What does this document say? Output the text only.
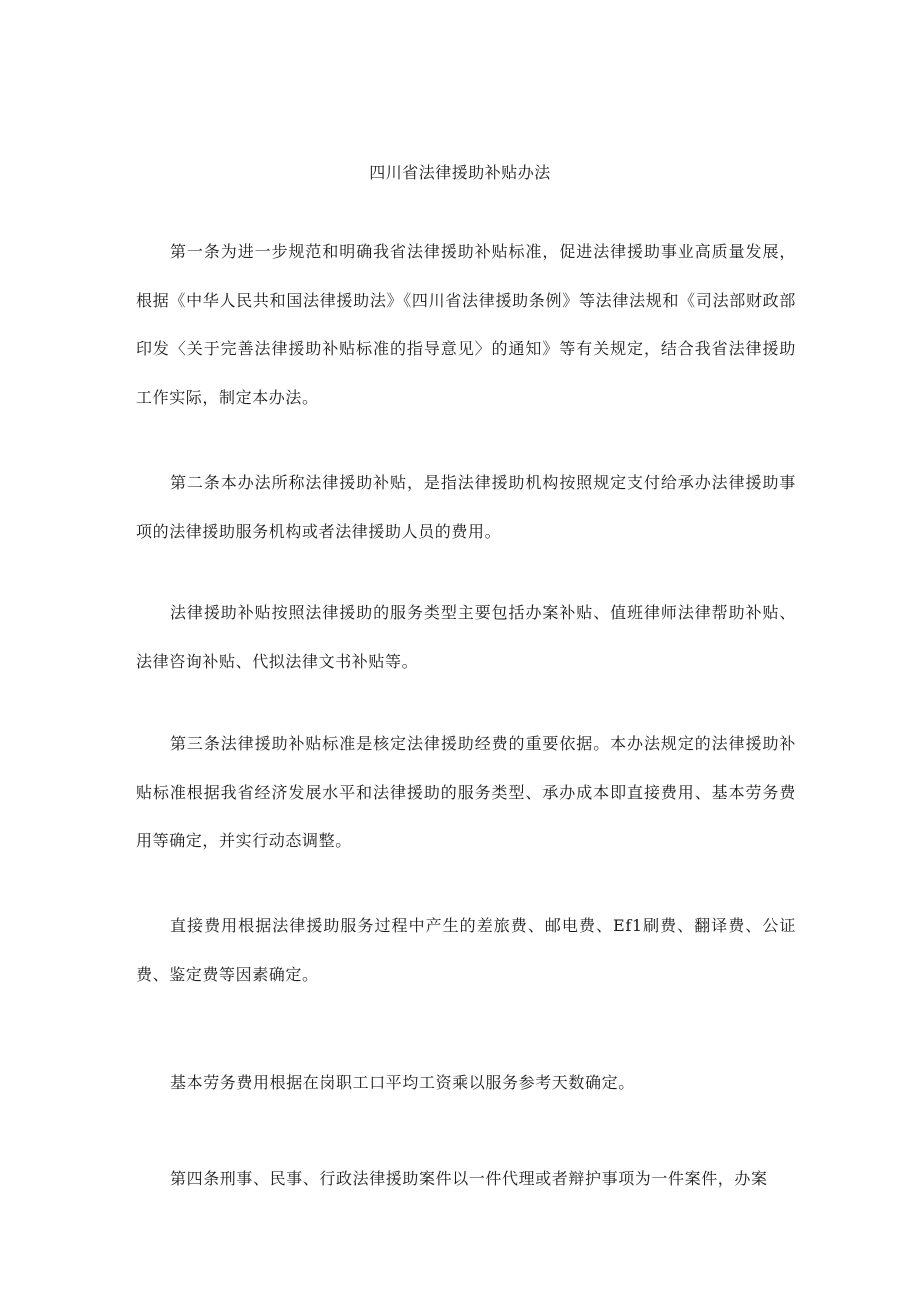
四川省法律援助补贴办法

第一条为进一步规范和明确我省法律援助补贴标准，促进法律援助事业高质量发展，根据《中华人民共和国法律援助法》《四川省法律援助条例》等法律法规和《司法部财政部印发〈关于完善法律援助补贴标准的指导意见〉的通知》等有关规定，结合我省法律援助工作实际，制定本办法。

第二条本办法所称法律援助补贴，是指法律援助机构按照规定支付给承办法律援助事项的法律援助服务机构或者法律援助人员的费用。

法律援助补贴按照法律援助的服务类型主要包括办案补贴、值班律师法律帮助补贴、法律咨询补贴、代拟法律文书补贴等。

第三条法律援助补贴标准是核定法律援助经费的重要依据。本办法规定的法律援助补贴标准根据我省经济发展水平和法律援助的服务类型、承办成本即直接费用、基本劳务费用等确定，并实行动态调整。

直接费用根据法律援助服务过程中产生的差旅费、邮电费、Ef1刷费、翻译费、公证费、鉴定费等因素确定。

基本劳务费用根据在岗职工口平均工资乘以服务参考天数确定。

第四条刑事、民事、行政法律援助案件以一件代理或者辩护事项为一件案件，办案
